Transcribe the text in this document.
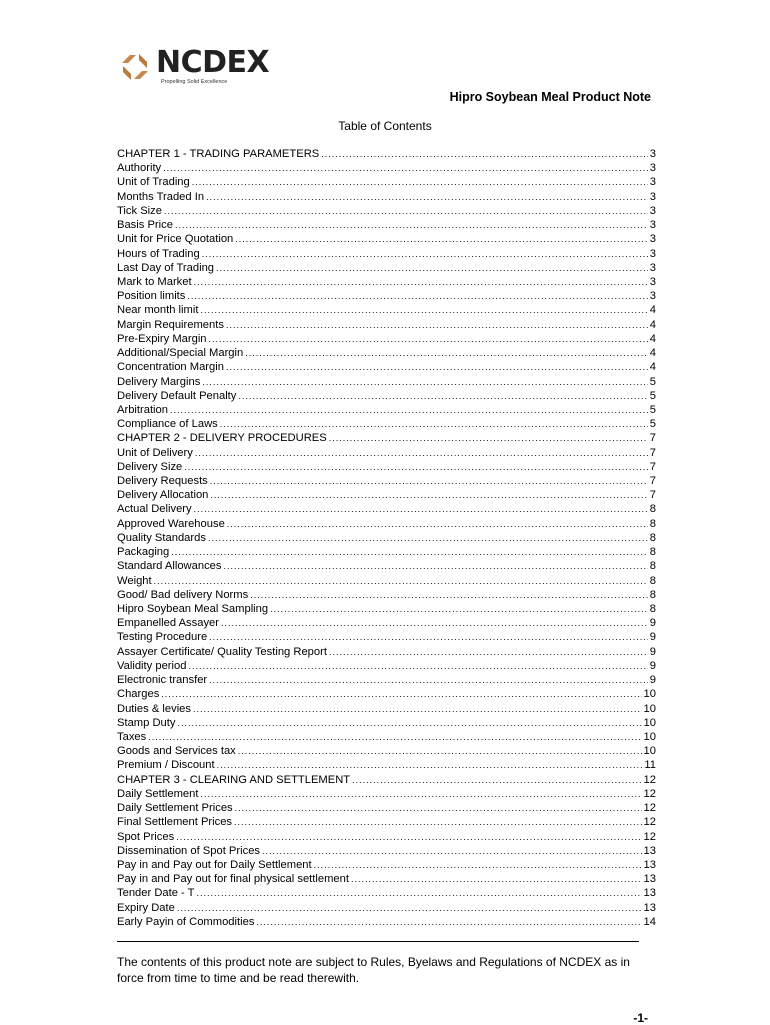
NCDEX
Propelling Solid Excellence
Hipro Soybean Meal Product Note
Table of Contents
CHAPTER 1 - TRADING PARAMETERS .....	3
Authority .....	3
Unit of Trading .....	3
Months Traded In .....	3
Tick Size .....	3
Basis Price .....	3
Unit for Price Quotation .....	3
Hours of Trading .....	3
Last Day of Trading .....	3
Mark to Market .....	3
Position limits .....	3
Near month limit .....	4
Margin Requirements .....	4
Pre-Expiry Margin .....	4
Additional/Special Margin .....	4
Concentration Margin .....	4
Delivery Margins .....	5
Delivery Default Penalty .....	5
Arbitration .....	5
Compliance of Laws .....	5
CHAPTER 2 - DELIVERY PROCEDURES .....	7
Unit of Delivery .....	7
Delivery Size .....	7
Delivery Requests .....	7
Delivery Allocation .....	7
Actual Delivery .....	8
Approved Warehouse .....	8
Quality Standards .....	8
Packaging .....	8
Standard Allowances .....	8
Weight .....	8
Good/ Bad delivery Norms .....	8
Hipro Soybean Meal Sampling .....	8
Empanelled Assayer .....	9
Testing Procedure .....	9
Assayer Certificate/ Quality Testing Report .....	9
Validity period .....	9
Electronic transfer .....	9
Charges .....	10
Duties & levies .....	10
Stamp Duty .....	10
Taxes .....	10
Goods and Services tax .....	10
Premium / Discount .....	11
CHAPTER 3 - CLEARING AND SETTLEMENT .....	12
Daily Settlement .....	12
Daily Settlement Prices .....	12
Final Settlement Prices .....	12
Spot Prices .....	12
Dissemination of Spot Prices .....	13
Pay in and Pay out for Daily Settlement .....	13
Pay in and Pay out for final physical settlement .....	13
Tender Date - T .....	13
Expiry Date .....	13
Early Payin of Commodities .....	14
The contents of this product note are subject to Rules, Byelaws and Regulations of NCDEX as in force from time to time and be read therewith.
-1-
